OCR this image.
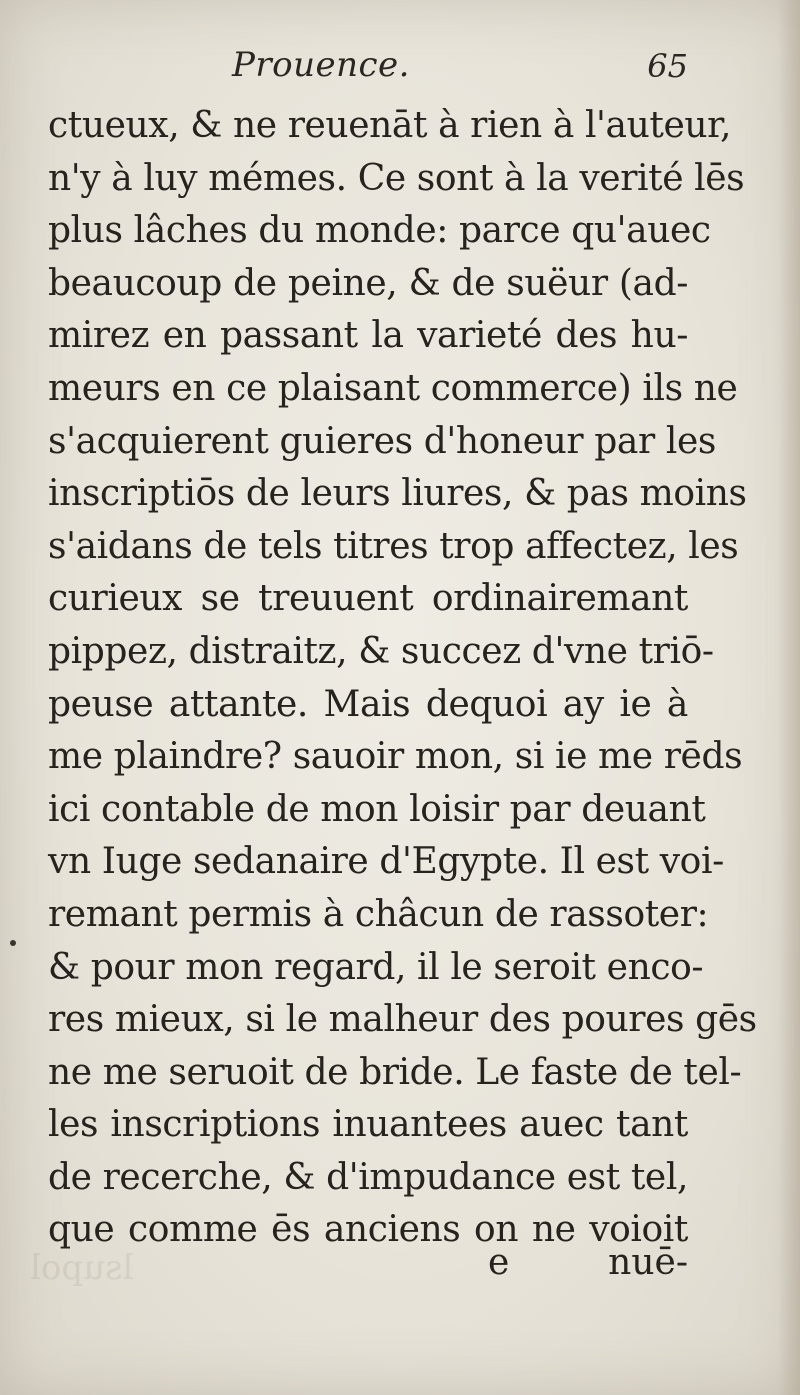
Prouence.	65
ctueux, & ne reuenāt à rien à l'auteur,
n'y à luy mémes. Ce sont à la verité lēs
plus lâches du monde: parce qu'auec
beaucoup de peine, & de suëur (ad-
mirez en passant la varieté des hu-
meurs en ce plaisant commerce) ils ne
s'acquierent guieres d'honeur par les
inscriptiōs de leurs liures, & pas moins
s'aidans de tels titres trop affectez, les
curieux se treuuent ordinairemant
pippez, distraitz, & succez d'vne triō-
peuse attante. Mais dequoi ay ie à
me plaindre? sauoir mon, si ie me rēds
ici contable de mon loisir par deuant
vn Iuge sedanaire d'Egypte. Il est voi-
remant permis à châcun de rassoter:
& pour mon regard, il le seroit enco-
res mieux, si le malheur des poures gēs
ne me seruoit de bride. Le faste de tel-
les inscriptions inuantees auec tant
de recerche, & d'impudance est tel,
que comme ēs anciens on ne voioit
lsupol	e	nuē-
